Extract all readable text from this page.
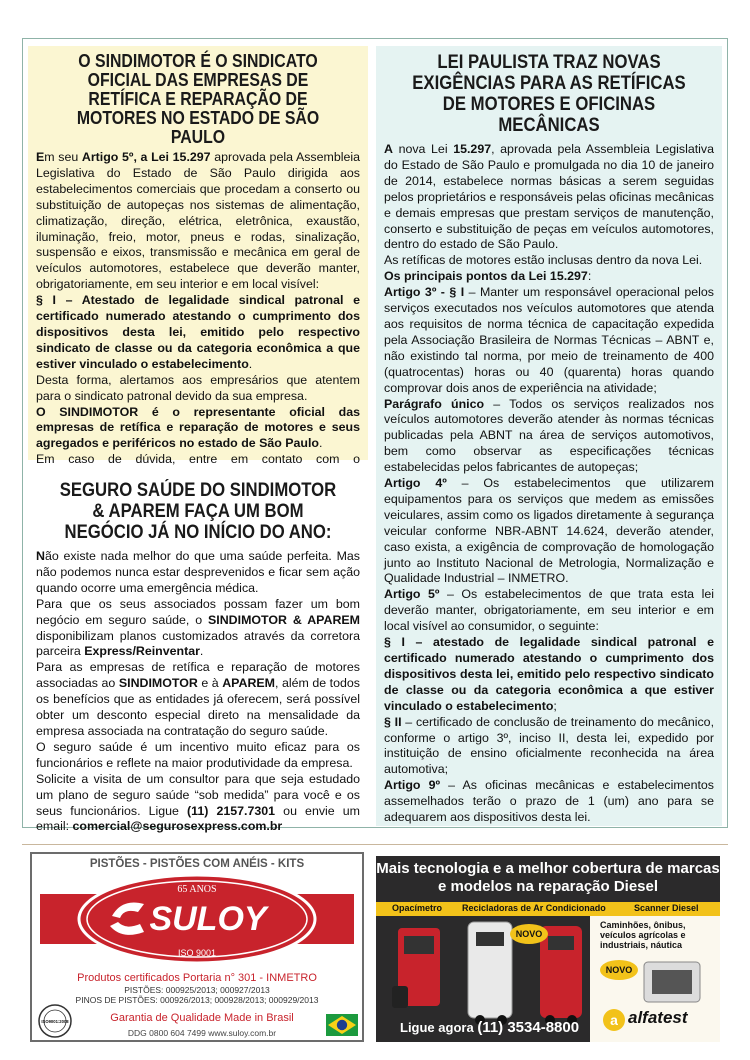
O SINDIMOTOR É O SINDICATO OFICIAL DAS EMPRESAS DE RETÍFICA E REPARAÇÃO DE MOTORES NO ESTADO DE SÃO PAULO

Em seu Artigo 5º, a Lei 15.297 aprovada pela Assembleia Legislativa do Estado de São Paulo dirigida aos estabelecimentos comerciais que procedam a conserto ou substituição de autopeças nos sistemas de alimentação, climatização, direção, elétrica, eletrônica, exaustão, iluminação, freio, motor, pneus e rodas, sinalização, suspensão e eixos, transmissão e mecânica em geral de veículos automotores, estabelece que deverão manter, obrigatoriamente, em seu interior e em local visível:

§ I – Atestado de legalidade sindical patronal e certificado numerado atestando o cumprimento dos dispositivos desta lei, emitido pelo respectivo sindicato de classe ou da categoria econômica a que estiver vinculado o estabelecimento.

Desta forma, alertamos aos empresários que atentem para o sindicato patronal devido da sua empresa.

O SINDIMOTOR é o representante oficial das empresas de retífica e reparação de motores e seus agregados e periféricos no estado de São Paulo.

Em caso de dúvida, entre em contato com o

SEGURO SAÚDE DO SINDIMOTOR & APAREM FAÇA UM BOM NEGÓCIO JÁ NO INÍCIO DO ANO:

Não existe nada melhor do que uma saúde perfeita. Mas não podemos nunca estar desprevenidos e ficar sem ação quando ocorre uma emergência médica.

Para que os seus associados possam fazer um bom negócio em seguro saúde, o SINDIMOTOR & APAREM disponibilizam planos customizados através da corretora parceira Express/Reinventar.

Para as empresas de retífica e reparação de motores associadas ao SINDIMOTOR e à APAREM, além de todos os benefícios que as entidades já oferecem, será possível obter um desconto especial direto na mensalidade da empresa associada na contratação do seguro saúde.

O seguro saúde é um incentivo muito eficaz para os funcionários e reflete na maior produtividade da empresa.

Solicite a visita de um consultor para que seja estudado um plano de seguro saúde “sob medida” para você e os seus funcionários. Ligue (11) 2157.7301 ou envie um email: comercial@segurosexpress.com.br

LEI PAULISTA TRAZ NOVAS EXIGÊNCIAS PARA AS RETÍFICAS DE MOTORES E OFICINAS MECÂNICAS

A nova Lei 15.297, aprovada pela Assembleia Legislativa do Estado de São Paulo e promulgada no dia 10 de janeiro de 2014, estabelece normas básicas a serem seguidas pelos proprietários e responsáveis pelas oficinas mecânicas e demais empresas que prestam serviços de manutenção, conserto e substituição de peças em veículos automotores, dentro do estado de São Paulo.

As retíficas de motores estão inclusas dentro da nova Lei.

Os principais pontos da Lei 15.297:

Artigo 3º - § I – Manter um responsável operacional pelos serviços executados nos veículos automotores que atenda aos requisitos de norma técnica de capacitação expedida pela Associação Brasileira de Normas Técnicas – ABNT e, não existindo tal norma, por meio de treinamento de 400 (quatrocentas) horas ou 40 (quarenta) horas quando comprovar dois anos de experiência na atividade;

Parágrafo único – Todos os serviços realizados nos veículos automotores deverão atender às normas técnicas publicadas pela ABNT na área de serviços automotivos, bem como observar as especificações técnicas estabelecidas pelos fabricantes de autopeças;

Artigo 4º – Os estabelecimentos que utilizarem equipamentos para os serviços que medem as emissões veiculares, assim como os ligados diretamente à segurança veicular conforme NBR-ABNT 14.624, deverão atender, caso exista, a exigência de comprovação de homologação junto ao Instituto Nacional de Metrologia, Normalização e Qualidade Industrial – INMETRO.

Artigo 5º – Os estabelecimentos de que trata esta lei deverão manter, obrigatoriamente, em seu interior e em local visível ao consumidor, o seguinte:

§ I – atestado de legalidade sindical patronal e certificado numerado atestando o cumprimento dos dispositivos desta lei, emitido pelo respectivo sindicato de classe ou da categoria econômica a que estiver vinculado o estabelecimento;

§ II – certificado de conclusão de treinamento do mecânico, conforme o artigo 3º, inciso II, desta lei, expedido por instituição de ensino oficialmente reconhecida na área automotiva;

Artigo 9º – As oficinas mecânicas e estabelecimentos assemelhados terão o prazo de 1 (um) ano para se adequarem aos dispositivos desta lei.

PISTÕES - PISTÕES COM ANÉIS - KITS
65 ANOS
SULOY
ISO 9001
Produtos certificados Portaria n° 301 - INMETRO
PISTÕES: 000925/2013; 000927/2013
PINOS DE PISTÕES: 000926/2013; 000928/2013; 000929/2013
ISO9001:2008	Garantia de Qualidade Made in Brasil
DDG 0800 604 7499 www.suloy.com.br
Mais tecnologia e a melhor cobertura de marcas e modelos na reparação Diesel
Opacímetro Recicladoras de Ar Condicionado	Scanner Diesel
Caminhões, ônibus, veículos agrícolas e industriais, náutica
a
NOVO
NOVO
Ligue agora (11) 3534-8800
alfatest
